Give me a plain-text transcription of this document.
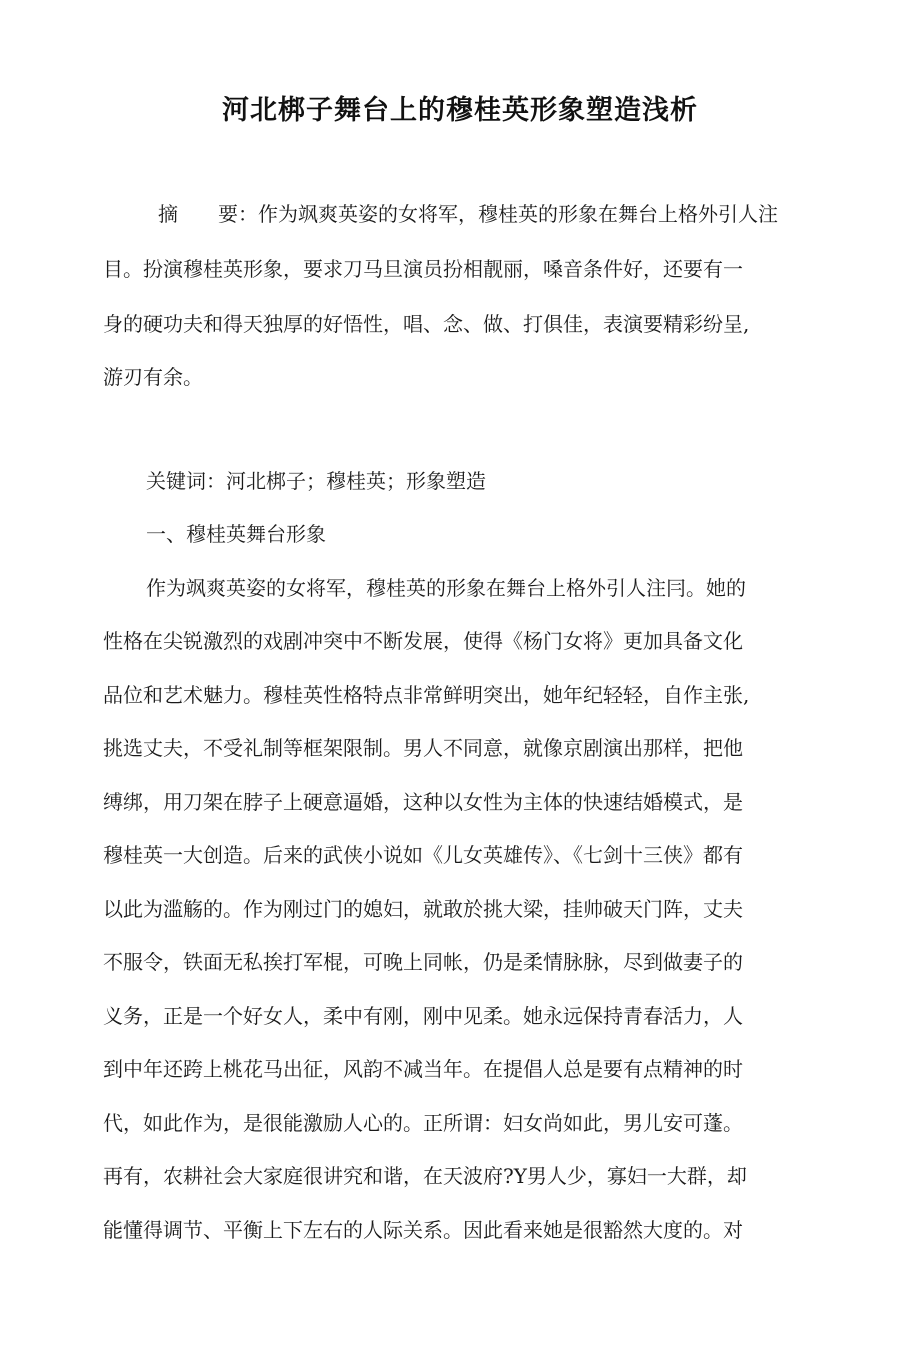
河北梆子舞台上的穆桂英形象塑造浅析
摘 要：作为飒爽英姿的女将军，穆桂英的形象在舞台上格外引人注
目。扮演穆桂英形象，要求刀马旦演员扮相靓丽，嗓音条件好，还要有一
身的硬功夫和得天独厚的好悟性，唱、念、做、打俱佳，表演要精彩纷呈,
游刃有余。
关键词：河北梆子；穆桂英；形象塑造
一、穆桂英舞台形象
作为飒爽英姿的女将军，穆桂英的形象在舞台上格外引人注冃。她的
性格在尖锐激烈的戏剧冲突中不断发展，使得《杨门女将》更加具备文化
品位和艺术魅力。穆桂英性格特点非常鲜明突出，她年纪轻轻，自作主张,
挑选丈夫，不受礼制等框架限制。男人不同意，就像京剧演出那样，把他
缚绑，用刀架在脖子上硬意逼婚，这种以女性为主体的快速结婚模式，是
穆桂英一大创造。后来的武侠小说如《儿女英雄传》、《七剑十三侠》都有
以此为滥觞的。作为刚过门的媳妇，就敢於挑大梁，挂帅破天门阵，丈夫
不服令，铁面无私挨打军棍，可晚上同帐，仍是柔情脉脉，尽到做妻子的
义务，正是一个好女人，柔中有刚，刚中见柔。她永远保持青春活力，人
到中年还跨上桃花马出征，风韵不减当年。在提倡人总是要有点精神的时
代，如此作为，是很能激励人心的。正所谓：妇女尚如此，男儿安可蓬。
再有，农耕社会大家庭很讲究和谐，在天波府?Y男人少，寡妇一大群，却
能懂得调节、平衡上下左右的人际关系。因此看来她是很豁然大度的。对
